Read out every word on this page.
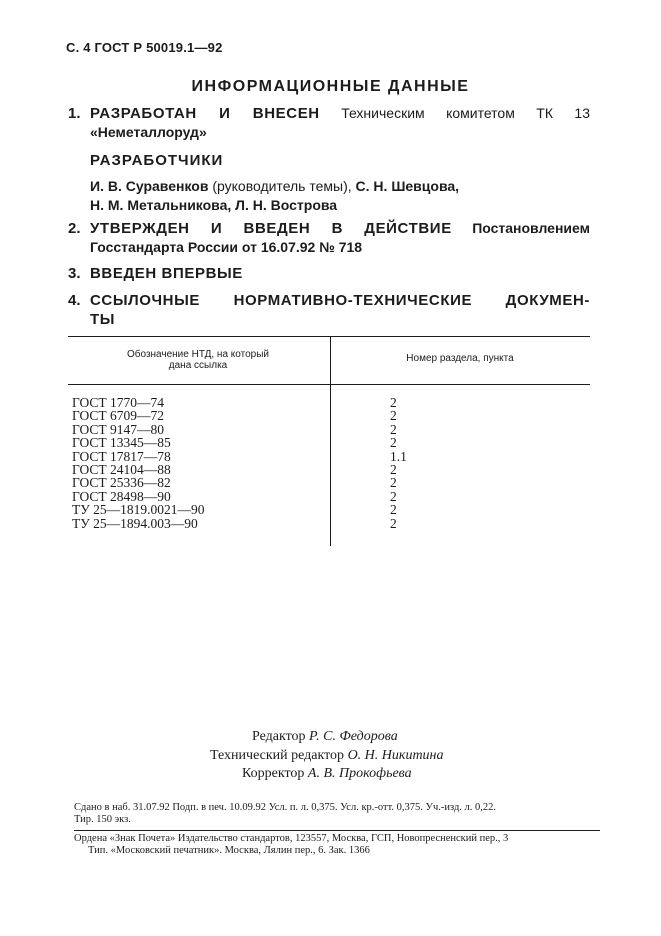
С. 4 ГОСТ Р 50019.1—92
ИНФОРМАЦИОННЫЕ ДАННЫЕ
1. РАЗРАБОТАН И ВНЕСЕН Техническим комитетом ТК 13
«Неметаллоруд»
РАЗРАБОТЧИКИ
И. В. Суравенков (руководитель темы), С. Н. Шевцова,
Н. М. Метальникова, Л. Н. Вострова
2. УТВЕРЖДЕН И ВВЕДЕН В ДЕЙСТВИЕ Постановлением
Госстандарта России от 16.07.92 № 718
3. ВВЕДЕН ВПЕРВЫЕ
4. ССЫЛОЧНЫЕ НОРМАТИВНО-ТЕХНИЧЕСКИЕ ДОКУМЕН-
ТЫ
Обозначение НТД, на который
дана ссылка
Номер раздела, пункта
ГОСТ 1770—74
ГОСТ 6709—72
ГОСТ 9147—80
ГОСТ 13345—85
ГОСТ 17817—78
ГОСТ 24104—88
ГОСТ 25336—82
ГОСТ 28498—90
ТУ 25—1819.0021—90
ТУ 25—1894.003—90
2
2
2
2
1.1
2
2
2
2
2
Редактор Р. С. Федорова
Технический редактор О. Н. Никитина
Корректор А. В. Прокофьева
Сдано в наб. 31.07.92 Подп. в печ. 10.09.92 Усл. п. л. 0,375. Усл. кр.-отт. 0,375. Уч.-изд. л. 0,22.
Тир. 150 экз.
Ордена «Знак Почета» Издательство стандартов, 123557, Москва, ГСП, Новопресненский пер., 3
Тип. «Московский печатник». Москва, Лялин пер., 6. Зак. 1366
